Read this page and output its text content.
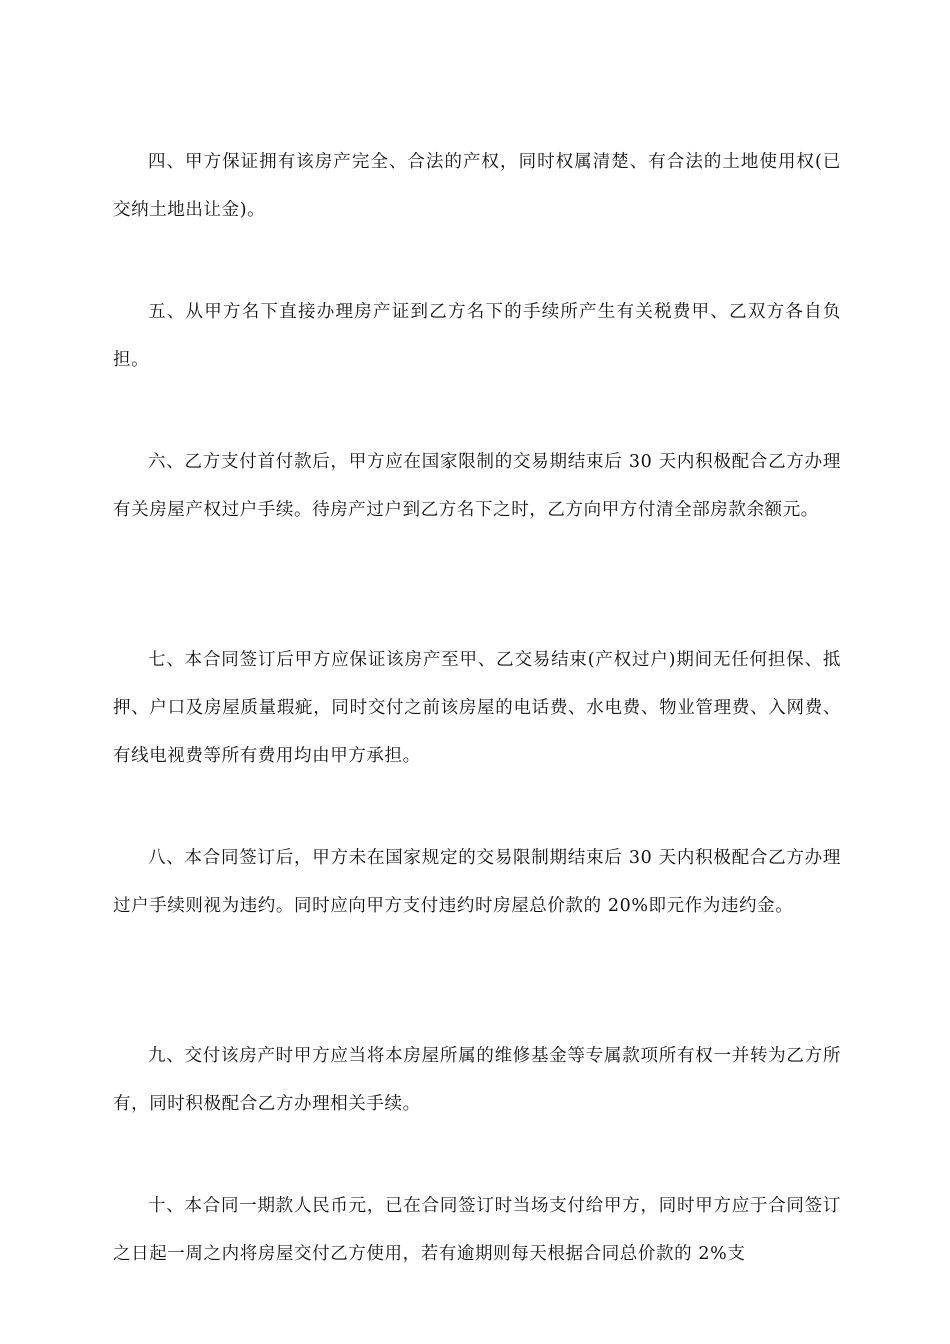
四、甲方保证拥有该房产完全、合法的产权，同时权属清楚、有合法的土地使用权(已交纳土地出让金)。

五、从甲方名下直接办理房产证到乙方名下的手续所产生有关税费甲、乙双方各自负担。

六、乙方支付首付款后，甲方应在国家限制的交易期结束后 30 天内积极配合乙方办理有关房屋产权过户手续。待房产过户到乙方名下之时，乙方向甲方付清全部房款余额元。

七、本合同签订后甲方应保证该房产至甲、乙交易结束(产权过户)期间无任何担保、抵押、户口及房屋质量瑕疵，同时交付之前该房屋的电话费、水电费、物业管理费、入网费、有线电视费等所有费用均由甲方承担。

八、本合同签订后，甲方未在国家规定的交易限制期结束后 30 天内积极配合乙方办理过户手续则视为违约。同时应向甲方支付违约时房屋总价款的 20%即元作为违约金。

九、交付该房产时甲方应当将本房屋所属的维修基金等专属款项所有权一并转为乙方所有，同时积极配合乙方办理相关手续。

十、本合同一期款人民币元，已在合同签订时当场支付给甲方，同时甲方应于合同签订之日起一周之内将房屋交付乙方使用，若有逾期则每天根据合同总价款的 2%支
